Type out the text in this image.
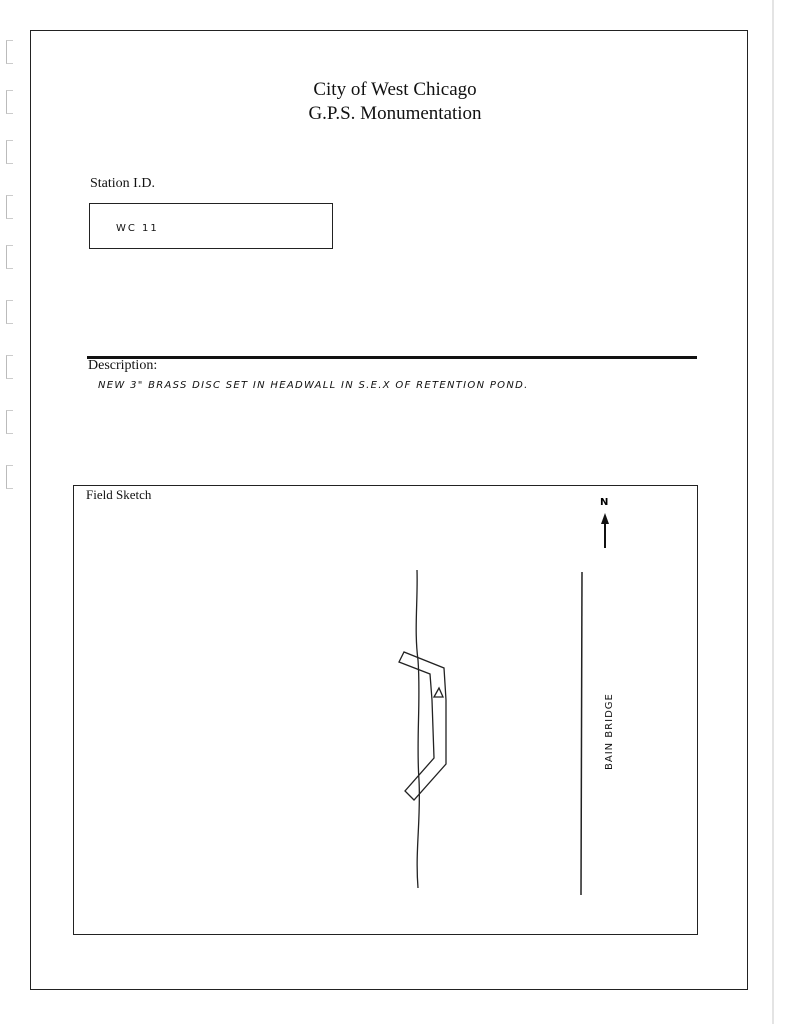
City of West Chicago
G.P.S. Monumentation
Station I.D.
WC 11
Description:
NEW 3" BRASS DISC SET IN HEADWALL IN S.E.X OF RETENTION POND.
Field Sketch
N
BAIN BRIDGE
